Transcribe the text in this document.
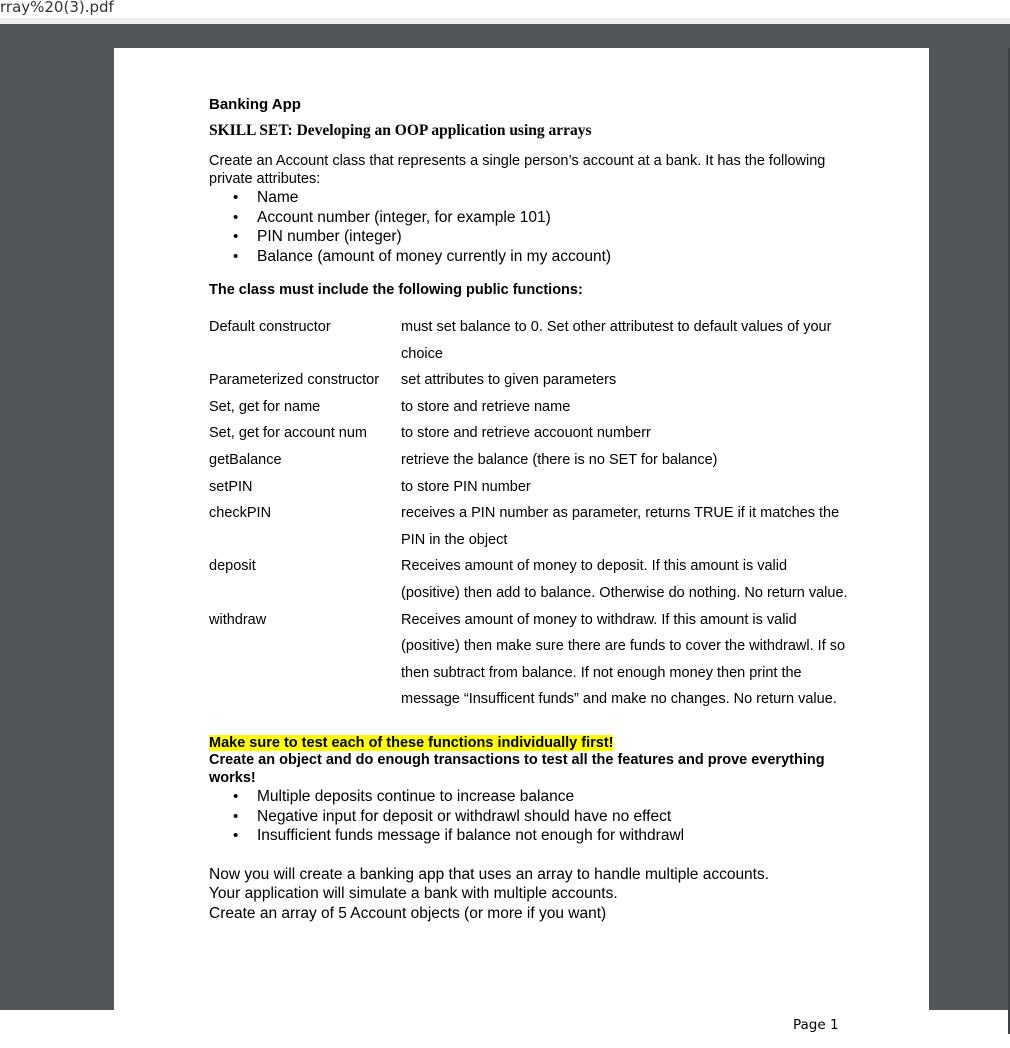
rray%20(3).pdf
Banking App
SKILL SET: Developing an OOP application using arrays

Create an Account class that represents a single person’s account at a bank. It has the following private attributes:

• Name
• Account number (integer, for example 101)
• PIN number (integer)
• Balance (amount of money currently in my account)
The class must include the following public functions:
Default constructor	must set balance to 0. Set other attributest to default values of your choice
Parameterized constructor	set attributes to given parameters
Set, get for name	to store and retrieve name
Set, get for account num	to store and retrieve accouont numberr
getBalance	retrieve the balance (there is no SET for balance)
setPIN	to store PIN number
checkPIN	receives a PIN number as parameter, returns TRUE if it matches the PIN in the object
deposit	Receives amount of money to deposit. If this amount is valid (positive) then add to balance. Otherwise do nothing. No return value.
withdraw	Receives amount of money to withdraw. If this amount is valid (positive) then make sure there are funds to cover the withdrawl. If so then subtract from balance. If not enough money then print the message “Insufficent funds” and make no changes. No return value.

Make sure to test each of these functions individually first!

Create an object and do enough transactions to test all the features and prove everything works!

• Multiple deposits continue to increase balance
• Negative input for deposit or withdrawl should have no effect
• Insufficient funds message if balance not enough for withdrawl

Now you will create a banking app that uses an array to handle multiple accounts.

Your application will simulate a bank with multiple accounts.

Create an array of 5 Account objects (or more if you want)

Page 1
